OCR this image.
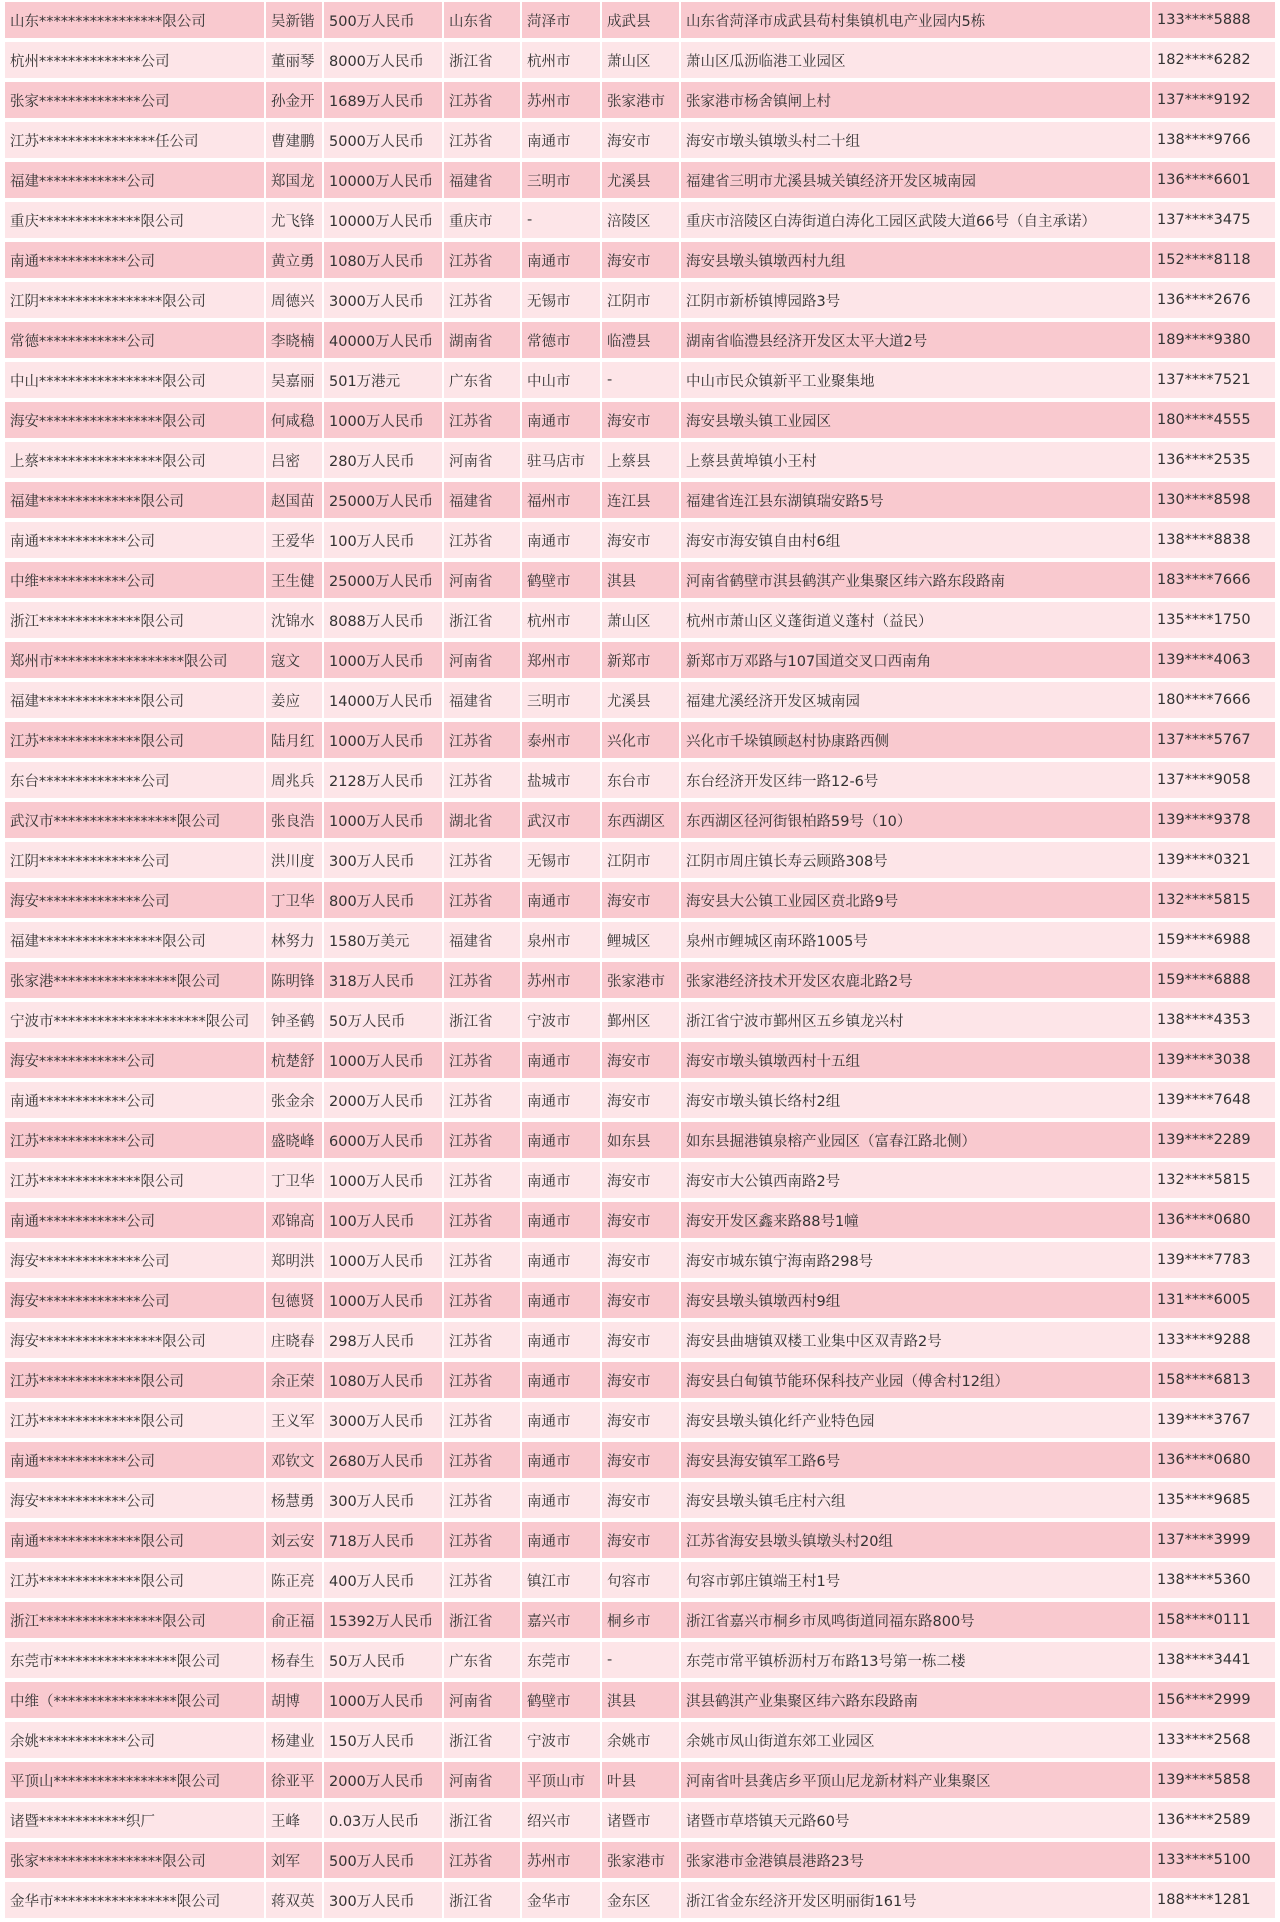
山东*****************限公司	吴新锴	500万人民币	山东省	菏泽市	成武县	山东省菏泽市成武县苟村集镇机电产业园内5栋	133****5888
杭州**************公司	董丽琴	8000万人民币	浙江省	杭州市	萧山区	萧山区瓜沥临港工业园区	182****6282
张家**************公司	孙金开	1689万人民币	江苏省	苏州市	张家港市	张家港市杨舍镇闸上村	137****9192
江苏****************任公司	曹建鹏	5000万人民币	江苏省	南通市	海安市	海安市墩头镇墩头村二十组	138****9766
福建************公司	郑国龙	10000万人民币	福建省	三明市	尤溪县	福建省三明市尤溪县城关镇经济开发区城南园	136****6601
重庆**************限公司	尤飞锋	10000万人民币	重庆市	-	涪陵区	重庆市涪陵区白涛街道白涛化工园区武陵大道66号（自主承诺）	137****3475
南通************公司	黄立勇	1080万人民币	江苏省	南通市	海安市	海安县墩头镇墩西村九组	152****8118
江阴*****************限公司	周德兴	3000万人民币	江苏省	无锡市	江阴市	江阴市新桥镇博园路3号	136****2676
常德************公司	李晓楠	40000万人民币	湖南省	常德市	临澧县	湖南省临澧县经济开发区太平大道2号	189****9380
中山*****************限公司	吴嘉丽	501万港元	广东省	中山市	-	中山市民众镇新平工业聚集地	137****7521
海安*****************限公司	何咸稳	1000万人民币	江苏省	南通市	海安市	海安县墩头镇工业园区	180****4555
上蔡*****************限公司	吕密	280万人民币	河南省	驻马店市	上蔡县	上蔡县黄埠镇小王村	136****2535
福建**************限公司	赵国苗	25000万人民币	福建省	福州市	连江县	福建省连江县东湖镇瑞安路5号	130****8598
南通************公司	王爱华	100万人民币	江苏省	南通市	海安市	海安市海安镇自由村6组	138****8838
中维************公司	王生健	25000万人民币	河南省	鹤壁市	淇县	河南省鹤壁市淇县鹤淇产业集聚区纬六路东段路南	183****7666
浙江**************限公司	沈锦水	8088万人民币	浙江省	杭州市	萧山区	杭州市萧山区义蓬街道义蓬村（益民）	135****1750
郑州市******************限公司	寇文	1000万人民币	河南省	郑州市	新郑市	新郑市万邓路与107国道交叉口西南角	139****4063
福建**************限公司	姜应	14000万人民币	福建省	三明市	尤溪县	福建尤溪经济开发区城南园	180****7666
江苏**************限公司	陆月红	1000万人民币	江苏省	泰州市	兴化市	兴化市千垛镇顾赵村协康路西侧	137****5767
东台**************公司	周兆兵	2128万人民币	江苏省	盐城市	东台市	东台经济开发区纬一路12-6号	137****9058
武汉市*****************限公司	张良浩	1000万人民币	湖北省	武汉市	东西湖区	东西湖区径河街银柏路59号（10）	139****9378
江阴**************公司	洪川度	300万人民币	江苏省	无锡市	江阴市	江阴市周庄镇长寿云顾路308号	139****0321
海安**************公司	丁卫华	800万人民币	江苏省	南通市	海安市	海安县大公镇工业园区贲北路9号	132****5815
福建*****************限公司	林努力	1580万美元	福建省	泉州市	鲤城区	泉州市鲤城区南环路1005号	159****6988
张家港*****************限公司	陈明锋	318万人民币	江苏省	苏州市	张家港市	张家港经济技术开发区农鹿北路2号	159****6888
宁波市*********************限公司	钟圣鹤	50万人民币	浙江省	宁波市	鄞州区	浙江省宁波市鄞州区五乡镇龙兴村	138****4353
海安************公司	杭楚舒	1000万人民币	江苏省	南通市	海安市	海安市墩头镇墩西村十五组	139****3038
南通************公司	张金余	2000万人民币	江苏省	南通市	海安市	海安市墩头镇长络村2组	139****7648
江苏************公司	盛晓峰	6000万人民币	江苏省	南通市	如东县	如东县掘港镇泉榕产业园区（富春江路北侧）	139****2289
江苏**************限公司	丁卫华	1000万人民币	江苏省	南通市	海安市	海安市大公镇西南路2号	132****5815
南通************公司	邓锦高	100万人民币	江苏省	南通市	海安市	海安开发区鑫来路88号1幢	136****0680
海安**************公司	郑明洪	1000万人民币	江苏省	南通市	海安市	海安市城东镇宁海南路298号	139****7783
海安**************公司	包德贤	1000万人民币	江苏省	南通市	海安市	海安县墩头镇墩西村9组	131****6005
海安*****************限公司	庄晓春	298万人民币	江苏省	南通市	海安市	海安县曲塘镇双楼工业集中区双青路2号	133****9288
江苏**************限公司	余正荣	1080万人民币	江苏省	南通市	海安市	海安县白甸镇节能环保科技产业园（傅舍村12组）	158****6813
江苏**************限公司	王义军	3000万人民币	江苏省	南通市	海安市	海安县墩头镇化纤产业特色园	139****3767
南通************公司	邓钦文	2680万人民币	江苏省	南通市	海安市	海安县海安镇军工路6号	136****0680
海安************公司	杨慧勇	300万人民币	江苏省	南通市	海安市	海安县墩头镇毛庄村六组	135****9685
南通**************限公司	刘云安	718万人民币	江苏省	南通市	海安市	江苏省海安县墩头镇墩头村20组	137****3999
江苏**************限公司	陈正亮	400万人民币	江苏省	镇江市	句容市	句容市郭庄镇端王村1号	138****5360
浙江*****************限公司	俞正福	15392万人民币	浙江省	嘉兴市	桐乡市	浙江省嘉兴市桐乡市凤鸣街道同福东路800号	158****0111
东莞市*****************限公司	杨春生	50万人民币	广东省	东莞市	-	东莞市常平镇桥沥村万布路13号第一栋二楼	138****3441
中维（*****************限公司	胡博	1000万人民币	河南省	鹤壁市	淇县	淇县鹤淇产业集聚区纬六路东段路南	156****2999
余姚************公司	杨建业	150万人民币	浙江省	宁波市	余姚市	余姚市凤山街道东郊工业园区	133****2568
平顶山*****************限公司	徐亚平	2000万人民币	河南省	平顶山市	叶县	河南省叶县龚店乡平顶山尼龙新材料产业集聚区	139****5858
诸暨************织厂	王峰	0.03万人民币	浙江省	绍兴市	诸暨市	诸暨市草塔镇天元路60号	136****2589
张家*****************限公司	刘军	500万人民币	江苏省	苏州市	张家港市	张家港市金港镇晨港路23号	133****5100
金华市*****************限公司	蒋双英	300万人民币	浙江省	金华市	金东区	浙江省金东经济开发区明丽街161号	188****1281
